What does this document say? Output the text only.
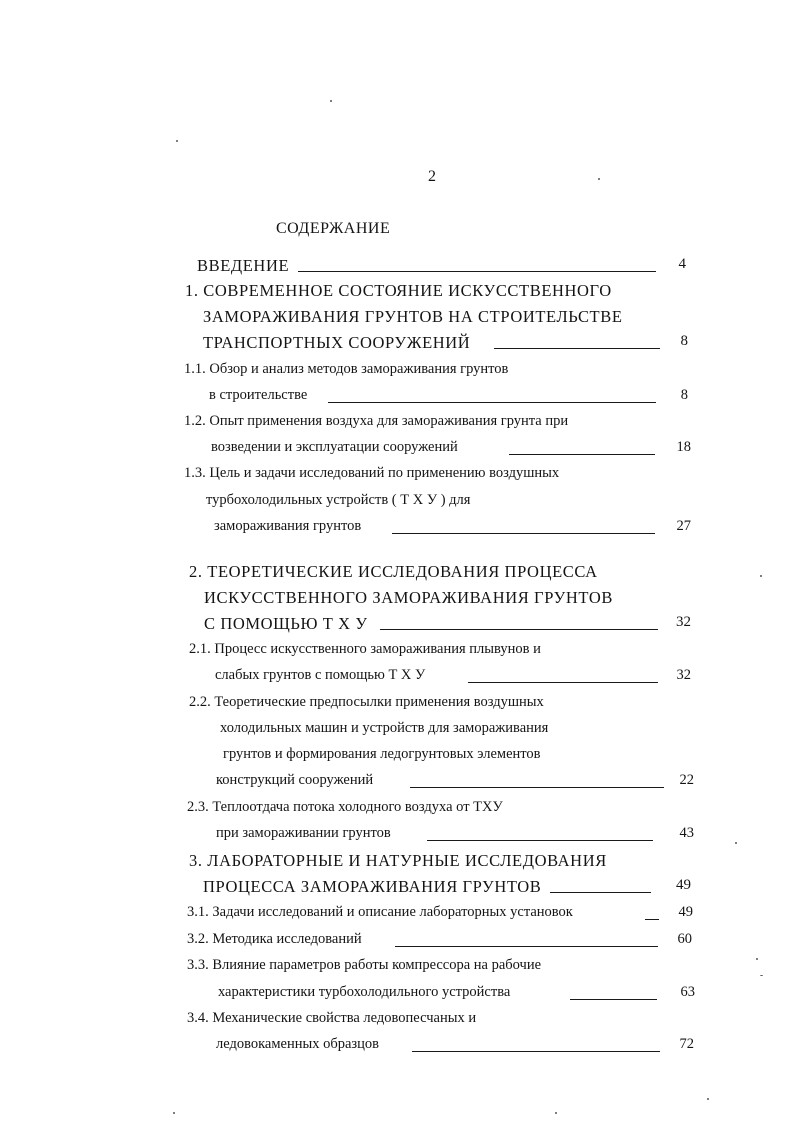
2
СОДЕРЖАНИЕ
ВВЕДЕНИЕ	4
1. СОВРЕМЕННОЕ СОСТОЯНИЕ ИСКУССТВЕННОГО
ЗАМОРАЖИВАНИЯ ГРУНТОВ НА СТРОИТЕЛЬСТВЕ
ТРАНСПОРТНЫХ СООРУЖЕНИЙ	8
1.1. Обзор и анализ методов замораживания грунтов
в строительстве	8
1.2. Опыт применения воздуха для замораживания грунта при
возведении и эксплуатации сооружений	18
1.3. Цель и задачи исследований по применению воздушных
турбохолодильных устройств ( Т Х У ) для
замораживания грунтов	27
2. ТЕОРЕТИЧЕСКИЕ ИССЛЕДОВАНИЯ ПРОЦЕССА
ИСКУССТВЕННОГО ЗАМОРАЖИВАНИЯ ГРУНТОВ
С ПОМОЩЬЮ Т Х У	32
2.1. Процесс искусственного замораживания плывунов и
слабых грунтов с помощью Т Х У	32
2.2. Теоретические предпосылки применения воздушных
холодильных машин и устройств для замораживания
грунтов и формирования ледогрунтовых элементов
конструкций сооружений	22
2.3. Теплоотдача потока холодного воздуха от ТХУ
при замораживании грунтов	43
3. ЛАБОРАТОРНЫЕ И НАТУРНЫЕ ИССЛЕДОВАНИЯ
ПРОЦЕССА ЗАМОРАЖИВАНИЯ ГРУНТОВ	49
3.1. Задачи исследований и описание лабораторных установок	49
3.2. Методика исследований	60
3.3. Влияние параметров работы компрессора на рабочие
характеристики турбохолодильного устройства	63
3.4. Механические свойства ледовопесчаных и
ледовокаменных образцов	72
